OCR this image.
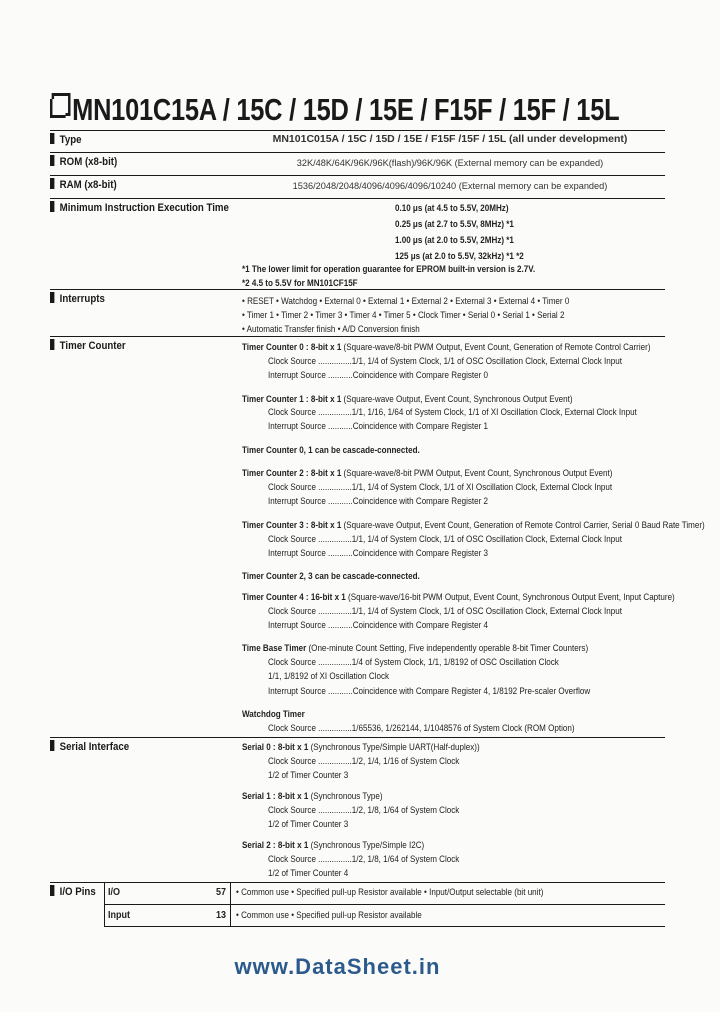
MN101C15A / 15C / 15D / 15E / F15F / 15F / 15L
Type	MN101C015A / 15C / 15D / 15E / F15F /15F / 15L (all under development)
ROM (x8-bit)	32K/48K/64K/96K/96K(flash)/96K/96K (External memory can be expanded)
RAM (x8-bit)	1536/2048/2048/4096/4096/4096/10240 (External memory can be expanded)
Minimum Instruction Execution Time	0.10 μs (at 4.5 to 5.5V, 20MHz)
0.25 μs (at 2.7 to 5.5V, 8MHz) *1
1.00 μs (at 2.0 to 5.5V, 2MHz) *1
125 μs (at 2.0 to 5.5V, 32kHz) *1 *2
*1 The lower limit for operation guarantee for EPROM built-in version is 2.7V.
*2 4.5 to 5.5V for MN101CF15F
Interrupts	• RESET • Watchdog • External 0 • External 1 • External 2 • External 3 • External 4 • Timer 0
• Timer 1 • Timer 2 • Timer 3 • Timer 4 • Timer 5 • Clock Timer • Serial 0 • Serial 1 • Serial 2
• Automatic Transfer finish • A/D Conversion finish
Timer Counter	Timer Counter 0 : 8-bit x 1 (Square-wave/8-bit PWM Output, Event Count, Generation of Remote Control Carrier)
Clock Source ...............1/1, 1/4 of System Clock, 1/1 of OSC Oscillation Clock, External Clock Input
Interrupt Source ...........Coincidence with Compare Register 0
Timer Counter 1 : 8-bit x 1 (Square-wave Output, Event Count, Synchronous Output Event)
Clock Source ...............1/1, 1/16, 1/64 of System Clock, 1/1 of XI Oscillation Clock, External Clock Input
Interrupt Source ...........Coincidence with Compare Register 1
Timer Counter 0, 1 can be cascade-connected.
Timer Counter 2 : 8-bit x 1 (Square-wave/8-bit PWM Output, Event Count, Synchronous Output Event)
Clock Source ...............1/1, 1/4 of System Clock, 1/1 of XI Oscillation Clock, External Clock Input
Interrupt Source ...........Coincidence with Compare Register 2
Timer Counter 3 : 8-bit x 1 (Square-wave Output, Event Count, Generation of Remote Control Carrier, Serial 0 Baud Rate Timer)
Clock Source ...............1/1, 1/4 of System Clock, 1/1 of OSC Oscillation Clock, External Clock Input
Interrupt Source ...........Coincidence with Compare Register 3
Timer Counter 2, 3 can be cascade-connected.
Timer Counter 4 : 16-bit x 1 (Square-wave/16-bit PWM Output, Event Count, Synchronous Output Event, Input Capture)
Clock Source ...............1/1, 1/4 of System Clock, 1/1 of OSC Oscillation Clock, External Clock Input
Interrupt Source ...........Coincidence with Compare Register 4
Time Base Timer (One-minute Count Setting, Five independently operable 8-bit Timer Counters)
Clock Source ...............1/4 of System Clock, 1/1, 1/8192 of OSC Oscillation Clock
1/1, 1/8192 of XI Oscillation Clock
Interrupt Source ...........Coincidence with Compare Register 4, 1/8192 Pre-scaler Overflow
Watchdog Timer
Clock Source ...............1/65536, 1/262144, 1/1048576 of System Clock (ROM Option)
Serial Interface	Serial 0 : 8-bit x 1 (Synchronous Type/Simple UART(Half-duplex))
Clock Source ...............1/2, 1/4, 1/16 of System Clock
1/2 of Timer Counter 3
Serial 1 : 8-bit x 1 (Synchronous Type)
Clock Source ...............1/2, 1/8, 1/64 of System Clock
1/2 of Timer Counter 3
Serial 2 : 8-bit x 1 (Synchronous Type/Simple I2C)
Clock Source ...............1/2, 1/8, 1/64 of System Clock
1/2 of Timer Counter 4
I/O Pins I/O	57 • Common use • Specified pull-up Resistor available • Input/Output selectable (bit unit)
Input	13 • Common use • Specified pull-up Resistor available
www.DataSheet.in
